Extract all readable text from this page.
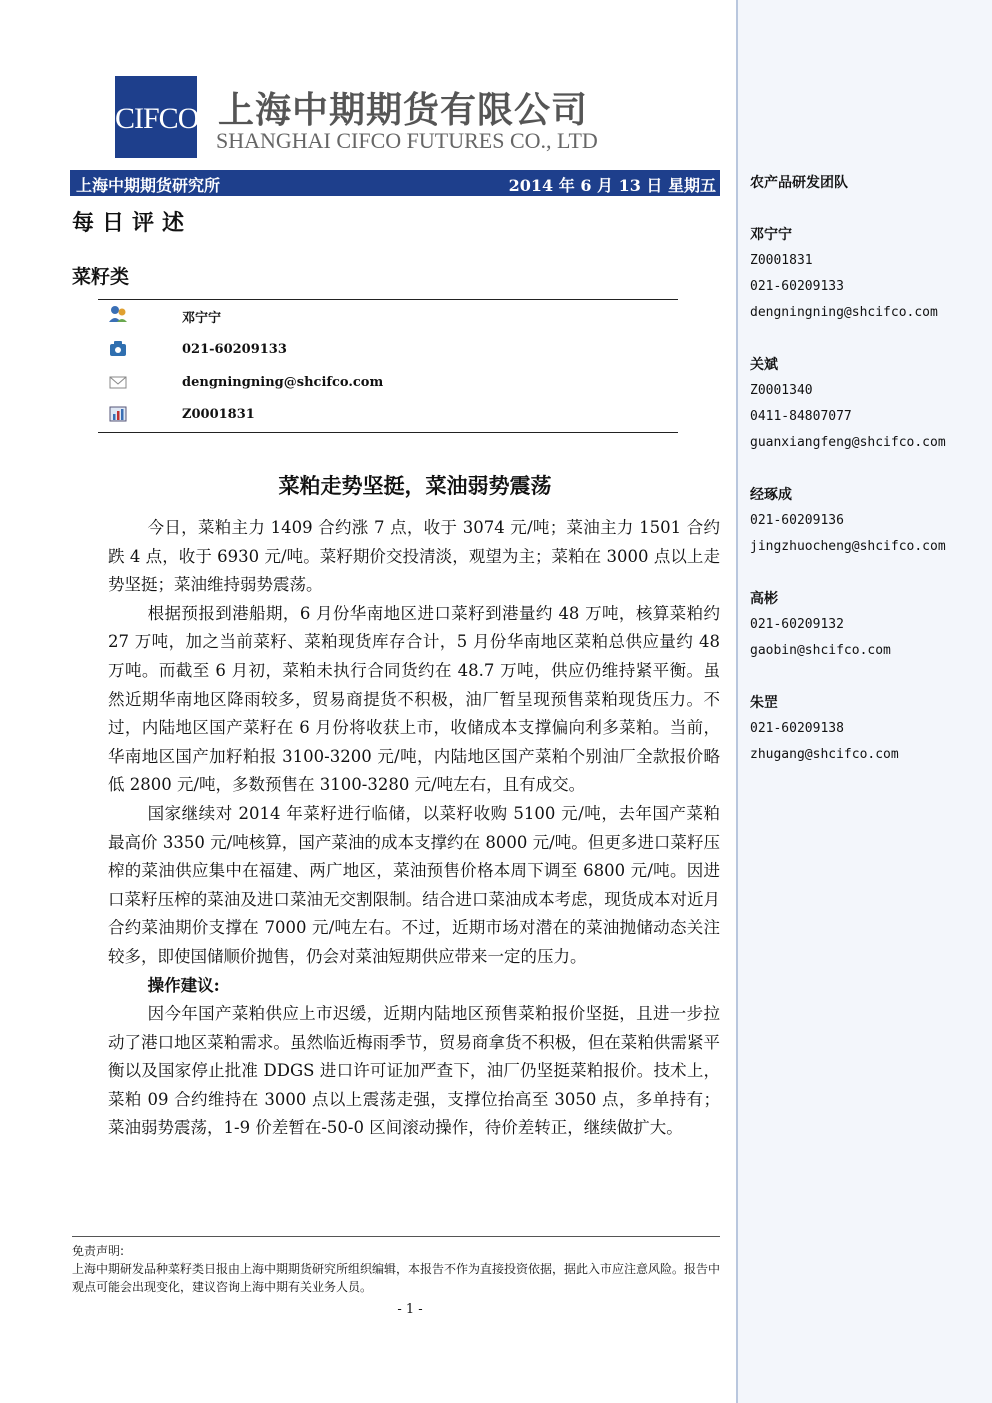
CIFCO 上海中期期货有限公司
SHANGHAI CIFCO FUTURES CO., LTD
上海中期期货研究所	2014 年 6 月 13 日 星期五
每日评述
菜籽类
邓宁宁
021-60209133
dengningning@shcifco.com
Z0001831
菜粕走势坚挺，菜油弱势震荡

今日，菜粕主力 1409 合约涨 7 点，收于 3074 元/吨；菜油主力 1501 合约跌 4 点，收于 6930 元/吨。菜籽期价交投清淡，观望为主；菜粕在 3000 点以上走势坚挺；菜油维持弱势震荡。

根据预报到港船期，6 月份华南地区进口菜籽到港量约 48 万吨，核算菜粕约 27 万吨，加之当前菜籽、菜粕现货库存合计，5 月份华南地区菜粕总供应量约 48 万吨。而截至 6 月初，菜粕未执行合同货约在 48.7 万吨，供应仍维持紧平衡。虽然近期华南地区降雨较多，贸易商提货不积极，油厂暂呈现预售菜粕现货压力。不过，内陆地区国产菜籽在 6 月份将收获上市，收储成本支撑偏向利多菜粕。当前，华南地区国产加籽粕报 3100-3200 元/吨，内陆地区国产菜粕个别油厂全款报价略低 2800 元/吨，多数预售在 3100-3280 元/吨左右，且有成交。

国家继续对 2014 年菜籽进行临储，以菜籽收购 5100 元/吨，去年国产菜粕最高价 3350 元/吨核算，国产菜油的成本支撑约在 8000 元/吨。但更多进口菜籽压榨的菜油供应集中在福建、两广地区，菜油预售价格本周下调至 6800 元/吨。因进口菜籽压榨的菜油及进口菜油无交割限制。结合进口菜油成本考虑，现货成本对近月合约菜油期价支撑在 7000 元/吨左右。不过，近期市场对潜在的菜油抛储动态关注较多，即使国储顺价抛售，仍会对菜油短期供应带来一定的压力。

操作建议:

因今年国产菜粕供应上市迟缓，近期内陆地区预售菜粕报价坚挺，且进一步拉动了港口地区菜粕需求。虽然临近梅雨季节，贸易商拿货不积极，但在菜粕供需紧平衡以及国家停止批准 DDGS 进口许可证加严查下，油厂仍坚挺菜粕报价。技术上，菜粕 09 合约维持在 3000 点以上震荡走强，支撑位抬高至 3050 点，多单持有；菜油弱势震荡，1-9 价差暂在-50-0 区间滚动操作，待价差转正，继续做扩大。

免责声明:
上海中期研发品种菜籽类日报由上海中期期货研究所组织编辑，本报告不作为直接投资依据，据此入市应注意风险。报告中观点可能会出现变化，建议咨询上海中期有关业务人员。
- 1 -
农产品研发团队
邓宁宁
Z0001831
021-60209133
dengningning@shcifco.com
关斌
Z0001340
0411-84807077
guanxiangfeng@shcifco.com
经琢成
021-60209136
jingzhuocheng@shcifco.com
高彬
021-60209132
gaobin@shcifco.com
朱罡
021-60209138
zhugang@shcifco.com
